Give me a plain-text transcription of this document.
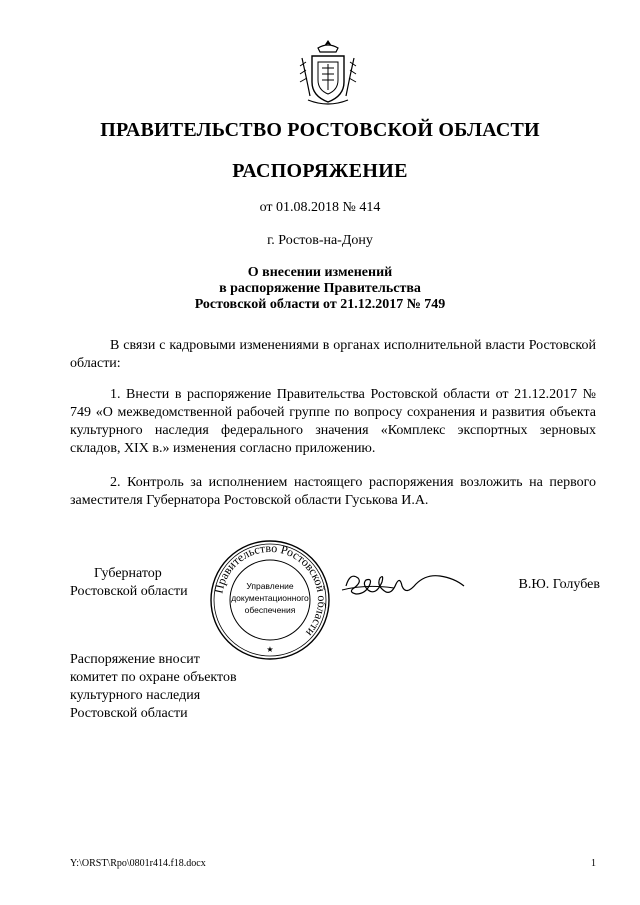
ПРАВИТЕЛЬСТВО РОСТОВСКОЙ ОБЛАСТИ
РАСПОРЯЖЕНИЕ
от 01.08.2018 № 414
г. Ростов-на-Дону
О внесении изменений
в распоряжение Правительства
Ростовской области от 21.12.2017 № 749
В связи с кадровыми изменениями в органах исполнительной власти Ростовской области:
1. Внести в распоряжение Правительства Ростовской области от 21.12.2017 № 749 «О межведомственной рабочей группе по вопросу сохранения и развития объекта культурного наследия федерального значения «Комплекс экспортных зерновых складов, XIX в.» изменения согласно приложению.
2. Контроль за исполнением настоящего распоряжения возложить на первого заместителя Губернатора Ростовской области Гуськова И.А.
Губернатор
Ростовской области	Правительство Ростовской области
Управление
документационного
обеспечения
★
В.Ю. Голубев
Распоряжение вносит
комитет по охране объектов
культурного наследия
Ростовской области
Y:\ORST\Rpo\0801r414.f18.docx	1
